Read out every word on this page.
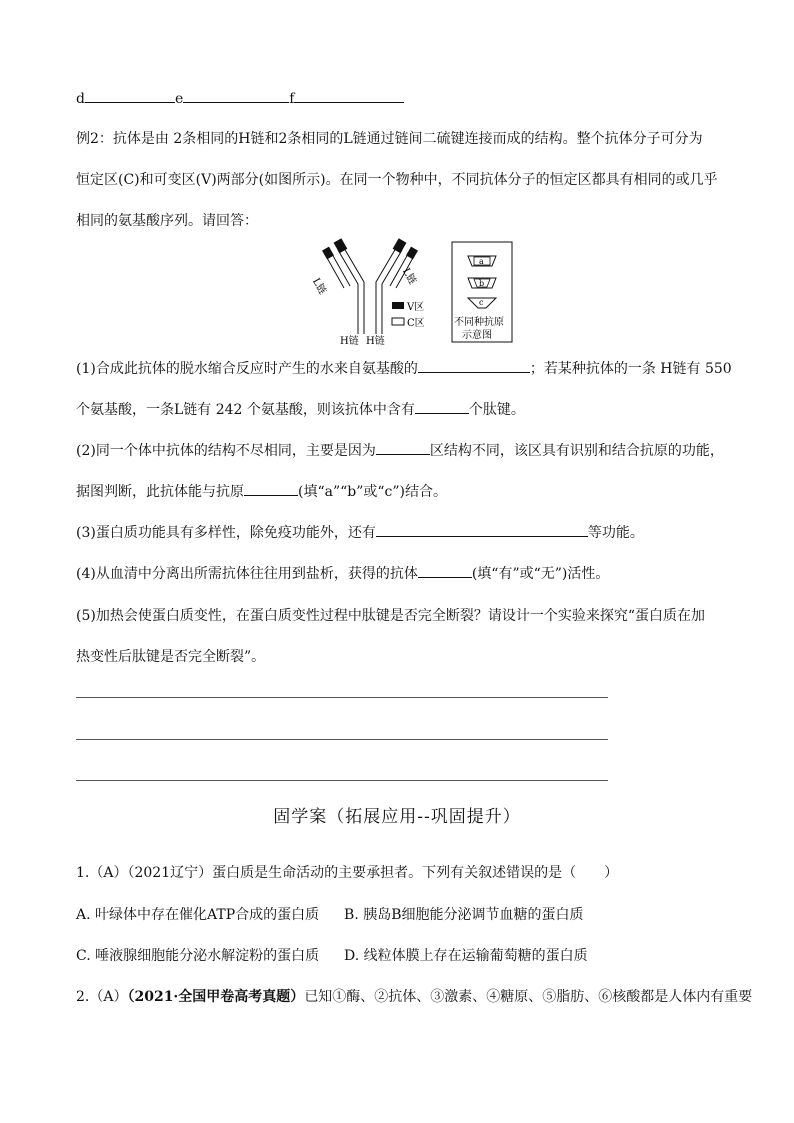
d	e	f
例2：抗体是由 2条相同的H链和2条相同的L链通过链间二硫键连接而成的结构。整个抗体分子可分为
恒定区(C)和可变区(V)两部分(如图所示)。在同一个物种中，不同抗体分子的恒定区都具有相同的或几乎
相同的氨基酸序列。请回答：
L链
L链
H链 H链
V区
C区
a
b
c
不同种抗原
示意图
(1)合成此抗体的脱水缩合反应时产生的水来自氨基酸的	；若某种抗体的一条 H链有 550
个氨基酸，一条L链有 242 个氨基酸，则该抗体中含有	个肽键。
(2)同一个体中抗体的结构不尽相同，主要是因为	区结构不同，该区具有识别和结合抗原的功能，
据图判断，此抗体能与抗原	(填“a”“b”或“c”)结合。
(3)蛋白质功能具有多样性，除免疫功能外，还有	等功能。
(4)从血清中分离出所需抗体往往用到盐析，获得的抗体	(填“有”或“无”)活性。
(5)加热会使蛋白质变性，在蛋白质变性过程中肽键是否完全断裂？请设计一个实验来探究“蛋白质在加
热变性后肽键是否完全断裂”。
固学案（拓展应用--巩固提升）
1.（A）（2021辽宁）蛋白质是生命活动的主要承担者。下列有关叙述错误的是（　　）
A. 叶绿体中存在催化ATP合成的蛋白质 B. 胰岛B细胞能分泌调节血糖的蛋白质
C. 唾液腺细胞能分泌水解淀粉的蛋白质 D. 线粒体膜上存在运输葡萄糖的蛋白质
2.（A）（2021·全国甲卷高考真题）已知①酶、②抗体、③激素、④糖原、⑤脂肪、⑥核酸都是人体内有重要
